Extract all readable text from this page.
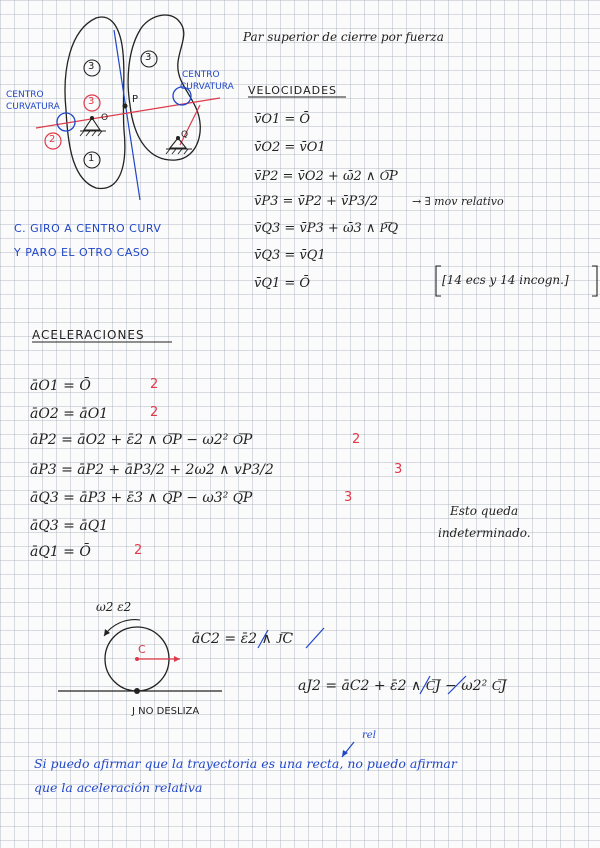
CENTRO
CURVATURA
CENTRO
CURVATURA
3
3
1
3
2
O
P
Q
Par superior de cierre por fuerza
VELOCIDADES
v̄O1 = Ō
v̄O2 = v̄O1
v̄P2 = v̄O2 + ω̄2 ∧ O͞P
v̄P3 = v̄P2 + v̄P3/2	→ ∃ mov relativo
v̄Q3 = v̄P3 + ω̄3 ∧ P͞Q
v̄Q3 = v̄Q1
v̄Q1 = Ō	[14 ecs y 14 incogn.]
C. GIRO A CENTRO CURV
Y PARO EL OTRO CASO
ACELERACIONES
āO1 = Ō
āO2 = āO1
āP2 = āO2 + ε̄2 ∧ O͞P − ω2² O͞P
āP3 = āP2 + āP3/2 + 2ω2 ∧ vP3/2
āQ3 = āP3 + ε̄3 ∧ Q͞P − ω3² Q͞P
āQ3 = āQ1
āQ1 = Ō
2
2
2
3
3
2
Esto queda
indeterminado.
ω2 ε2
C
J NO DESLIZA
āC2 = ε̄2 ∧ J͞C
aJ2 = āC2 + ε̄2 ∧ C͞J − ω2² C͞J
rel
Si puedo afirmar que la trayectoria es una recta, no puedo afirmar
que la aceleración relativa
